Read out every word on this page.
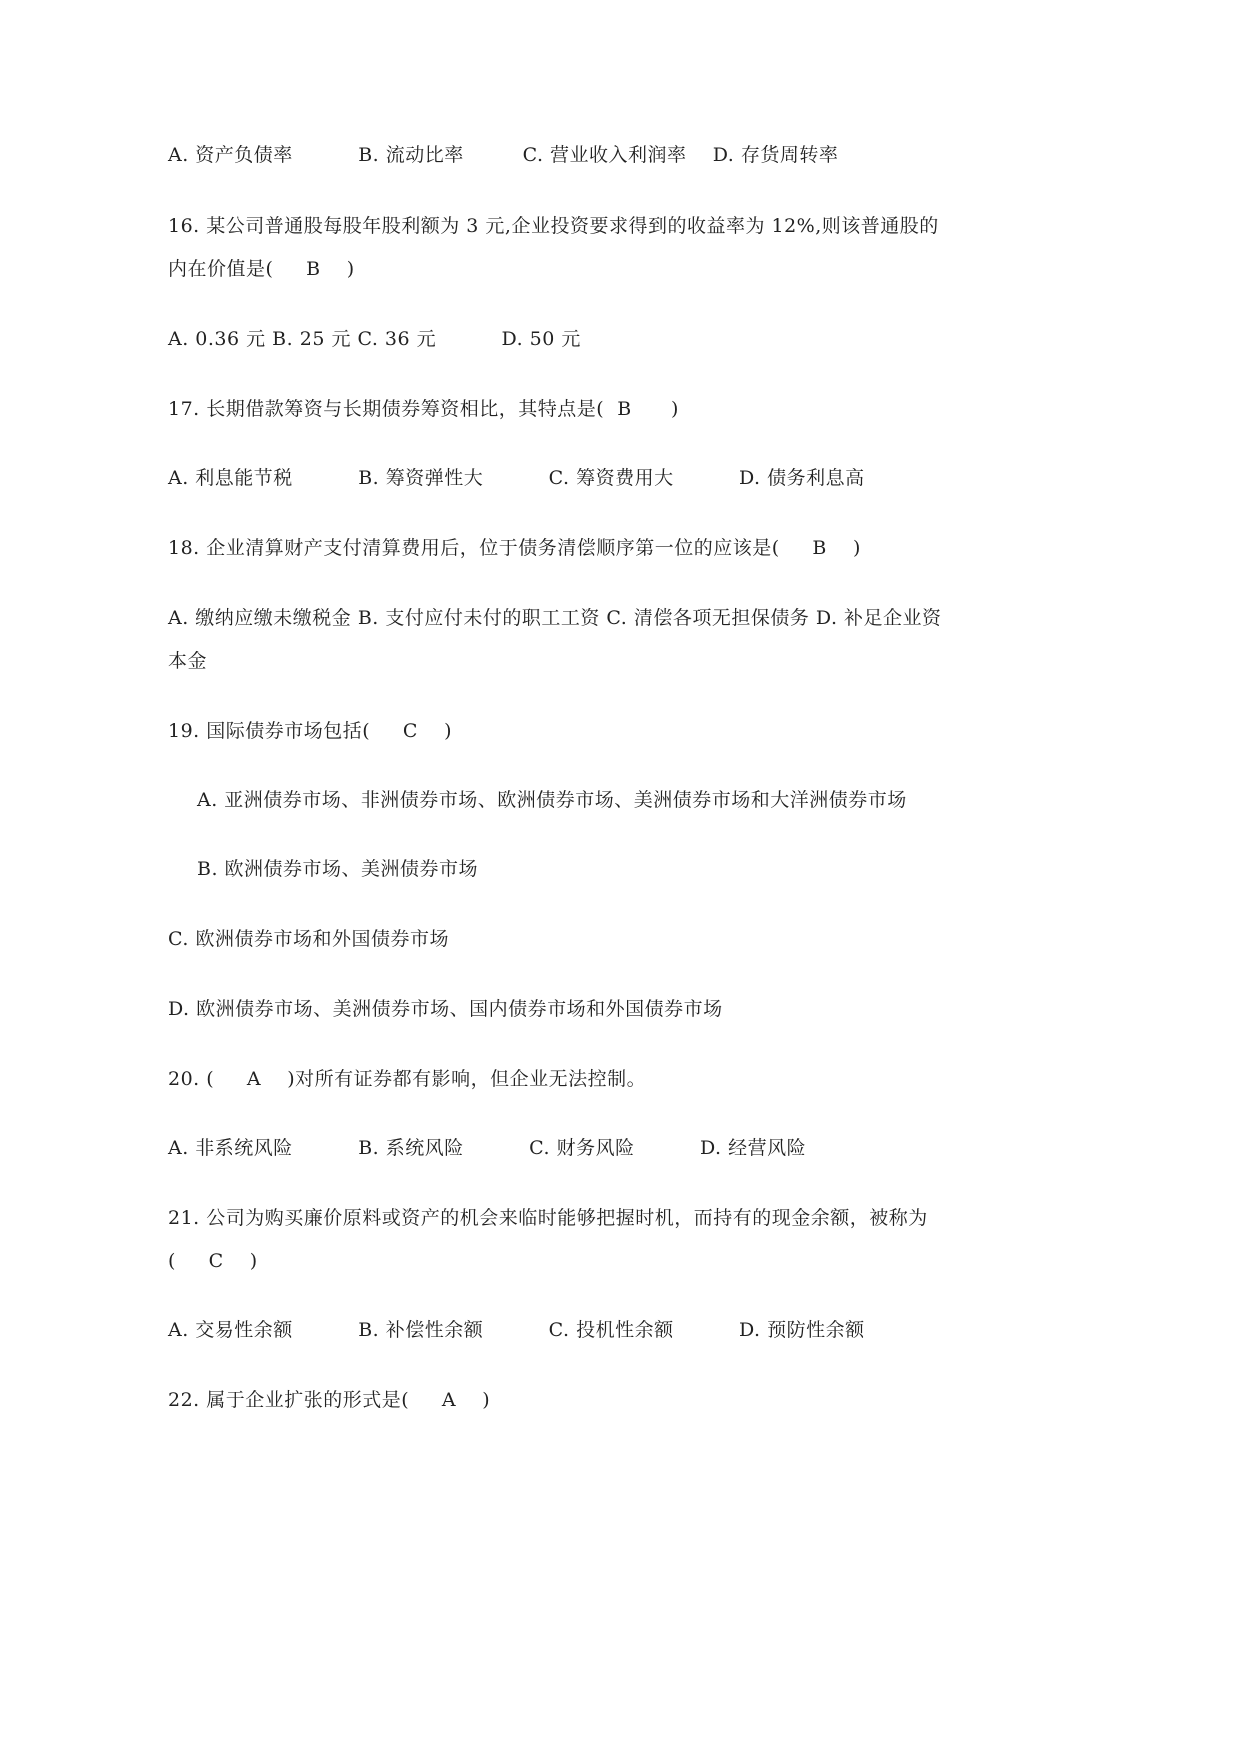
A. 资产负债率          B. 流动比率         C. 营业收入利润率    D. 存货周转率
16. 某公司普通股每股年股利额为 3 元,企业投资要求得到的收益率为 12%,则该普通股的
内在价值是(     B    )
A. 0.36 元 B. 25 元 C. 36 元          D. 50 元
17. 长期借款筹资与长期债券筹资相比，其特点是(  B      )
A. 利息能节税          B. 筹资弹性大          C. 筹资费用大          D. 债务利息高
18. 企业清算财产支付清算费用后，位于债务清偿顺序第一位的应该是(     B    )
A. 缴纳应缴未缴税金 B. 支付应付未付的职工工资 C. 清偿各项无担保债务 D. 补足企业资
本金
19. 国际债券市场包括(     C    )
A. 亚洲债券市场、非洲债券市场、欧洲债券市场、美洲债券市场和大洋洲债券市场
B. 欧洲债券市场、美洲债券市场
C. 欧洲债券市场和外国债券市场
D. 欧洲债券市场、美洲债券市场、国内债券市场和外国债券市场
20. (     A    )对所有证券都有影响，但企业无法控制。
A. 非系统风险          B. 系统风险          C. 财务风险          D. 经营风险
21. 公司为购买廉价原料或资产的机会来临时能够把握时机，而持有的现金余额，被称为
(     C    )
A. 交易性余额          B. 补偿性余额          C. 投机性余额          D. 预防性余额
22. 属于企业扩张的形式是(     A    )
